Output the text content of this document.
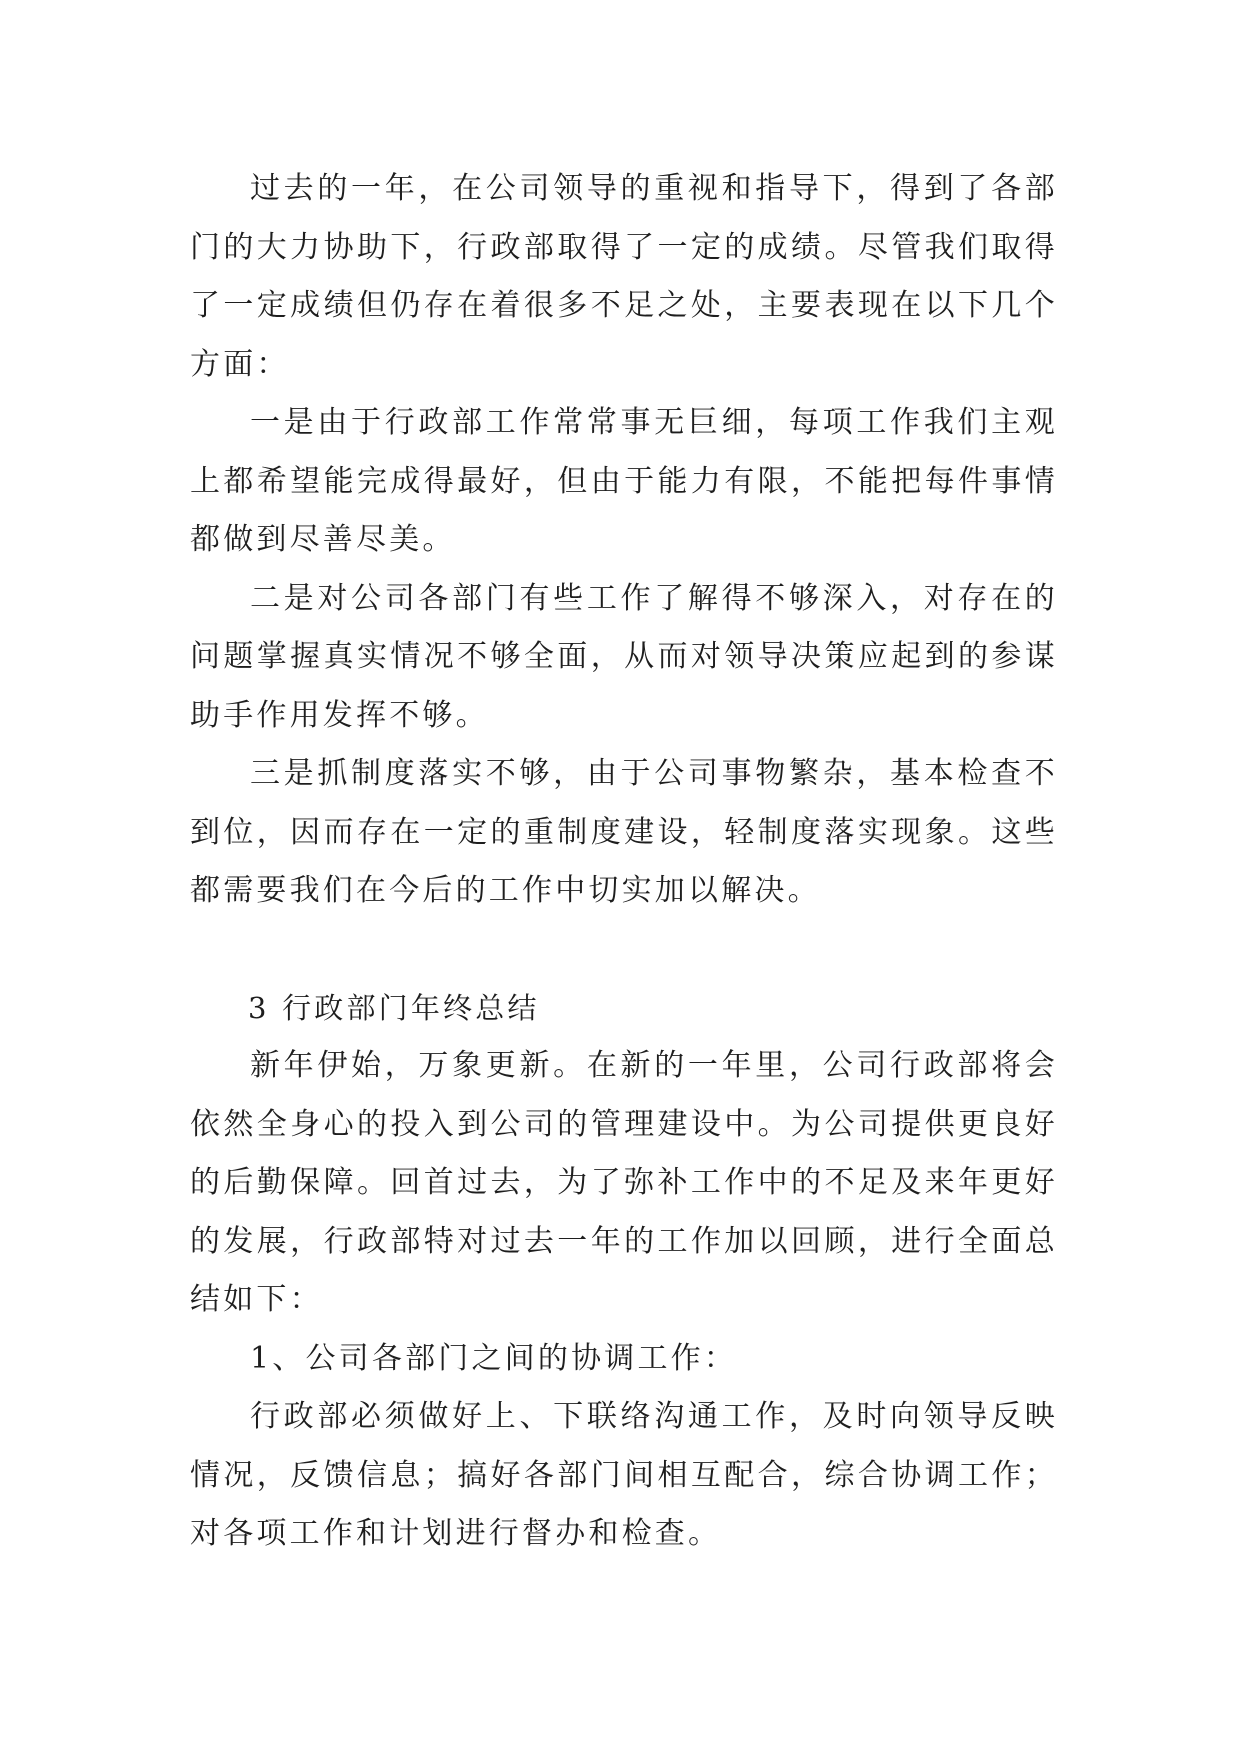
过去的一年，在公司领导的重视和指导下，得到了各部门的大力协助下，行政部取得了一定的成绩。尽管我们取得了一定成绩但仍存在着很多不足之处，主要表现在以下几个方面：

一是由于行政部工作常常事无巨细，每项工作我们主观上都希望能完成得最好，但由于能力有限，不能把每件事情都做到尽善尽美。

二是对公司各部门有些工作了解得不够深入，对存在的问题掌握真实情况不够全面，从而对领导决策应起到的参谋助手作用发挥不够。

三是抓制度落实不够，由于公司事物繁杂，基本检查不到位，因而存在一定的重制度建设，轻制度落实现象。这些都需要我们在今后的工作中切实加以解决。

3 行政部门年终总结

新年伊始，万象更新。在新的一年里，公司行政部将会依然全身心的投入到公司的管理建设中。为公司提供更良好的后勤保障。回首过去，为了弥补工作中的不足及来年更好的发展，行政部特对过去一年的工作加以回顾，进行全面总结如下：

1、公司各部门之间的协调工作：

行政部必须做好上、下联络沟通工作，及时向领导反映情况，反馈信息；搞好各部门间相互配合，综合协调工作；对各项工作和计划进行督办和检查。
